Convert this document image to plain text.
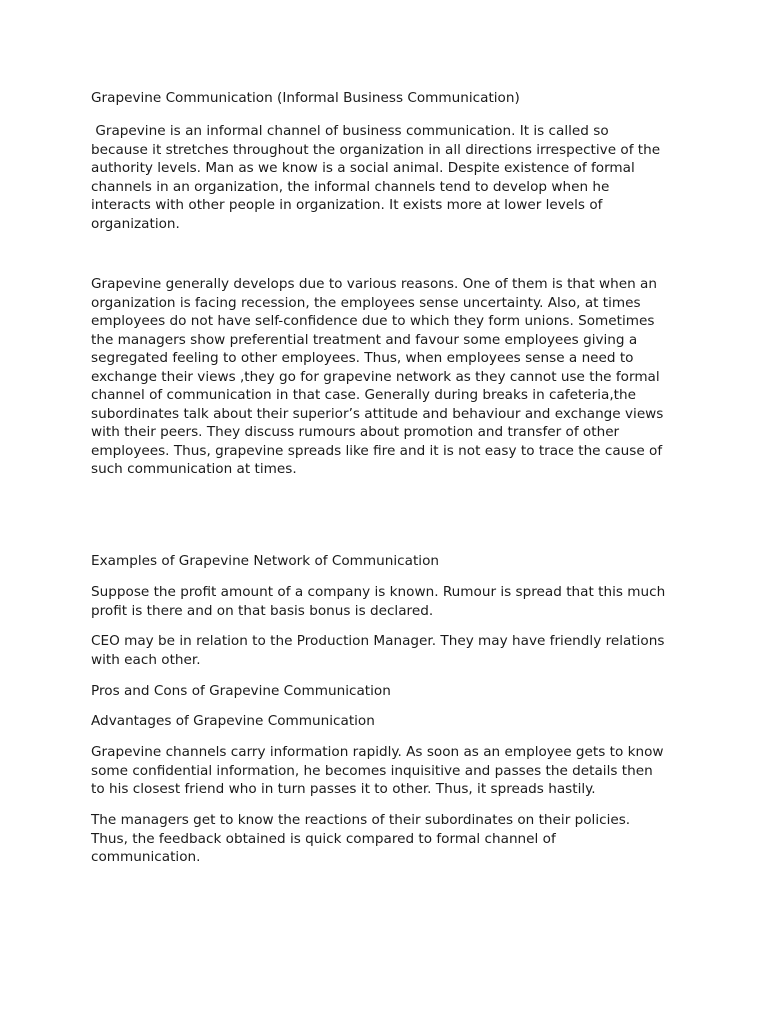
Grapevine Communication (Informal Business Communication)

Grapevine is an informal channel of business communication. It is called so

because it stretches throughout the organization in all directions irrespective of the

authority levels. Man as we know is a social animal. Despite existence of formal

channels in an organization, the informal channels tend to develop when he

interacts with other people in organization. It exists more at lower levels of

organization.

Grapevine generally develops due to various reasons. One of them is that when an

organization is facing recession, the employees sense uncertainty. Also, at times

employees do not have self-confidence due to which they form unions. Sometimes

the managers show preferential treatment and favour some employees giving a

segregated feeling to other employees. Thus, when employees sense a need to

exchange their views ,they go for grapevine network as they cannot use the formal

channel of communication in that case. Generally during breaks in cafeteria,the

subordinates talk about their superior’s attitude and behaviour and exchange views

with their peers. They discuss rumours about promotion and transfer of other

employees. Thus, grapevine spreads like fire and it is not easy to trace the cause of

such communication at times.

Examples of Grapevine Network of Communication

Suppose the profit amount of a company is known. Rumour is spread that this much

profit is there and on that basis bonus is declared.

CEO may be in relation to the Production Manager. They may have friendly relations

with each other.

Pros and Cons of Grapevine Communication

Advantages of Grapevine Communication

Grapevine channels carry information rapidly. As soon as an employee gets to know

some confidential information, he becomes inquisitive and passes the details then

to his closest friend who in turn passes it to other. Thus, it spreads hastily.

The managers get to know the reactions of their subordinates on their policies.

Thus, the feedback obtained is quick compared to formal channel of

communication.
